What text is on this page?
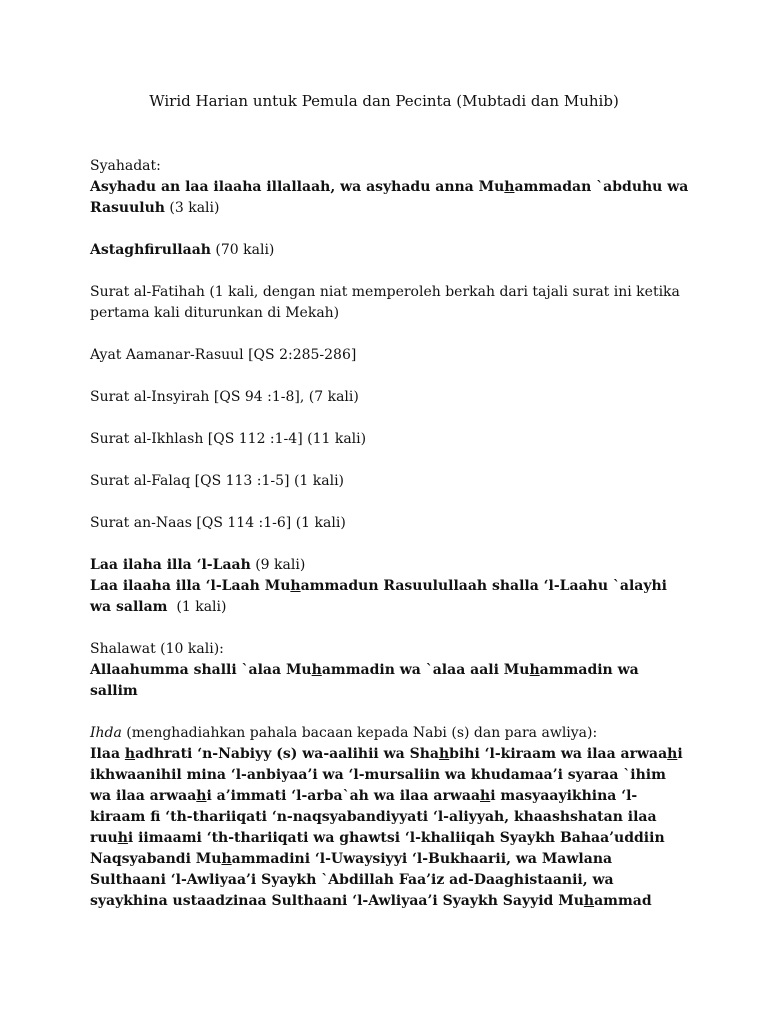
Wirid Harian untuk Pemula dan Pecinta (Mubtadi dan Muhib)

Syahadat:

Asyhadu an laa ilaaha illallaah, wa asyhadu anna Muhammadan `abduhu wa Rasuuluh (3 kali)

Astaghfirullaah (70 kali)

Surat al-Fatihah (1 kali, dengan niat memperoleh berkah dari tajali surat ini ketika pertama kali diturunkan di Mekah)

Ayat Aamanar-Rasuul [QS 2:285-286]

Surat al-Insyirah [QS 94 :1-8], (7 kali)

Surat al-Ikhlash [QS 112 :1-4] (11 kali)

Surat al-Falaq [QS 113 :1-5] (1 kali)

Surat an-Naas [QS 114 :1-6] (1 kali)

Laa ilaha illa ‘l-Laah (9 kali)

Laa ilaaha illa ‘l-Laah Muhammadun Rasuulullaah shalla ‘l-Laahu `alayhi wa sallam (1 kali)

Shalawat (10 kali):

Allaahumma shalli `alaa Muhammadin wa `alaa aali Muhammadin wa sallim

Ihda (menghadiahkan pahala bacaan kepada Nabi (s) dan para awliya):

Ilaa hadhrati ‘n-Nabiyy (s) wa-aalihii wa Shahbihi ‘l-kiraam wa ilaa arwaahi ikhwaanihil mina ‘l-anbiyaa’i wa ‘l-mursaliin wa khudamaa’i syaraa `ihim wa ilaa arwaahi a’immati ‘l-arba`ah wa ilaa arwaahi masyaayikhina ‘l-kiraam fi ‘th-thariiqati ‘n-naqsyabandiyyati ‘l-aliyyah, khaashshatan ilaa ruuhi iimaami ‘th-thariiqati wa ghawtsi ‘l-khaliiqah Syaykh Bahaa’uddiin Naqsyabandi Muhammadini ‘l-Uwaysiyyi ‘l-Bukhaarii, wa Mawlana Sulthaani ‘l-Awliyaa’i Syaykh `Abdillah Faa’iz ad-Daaghistaanii, wa syaykhina ustaadzinaa Sulthaani ‘l-Awliyaa’i Syaykh Sayyid Muhammad
